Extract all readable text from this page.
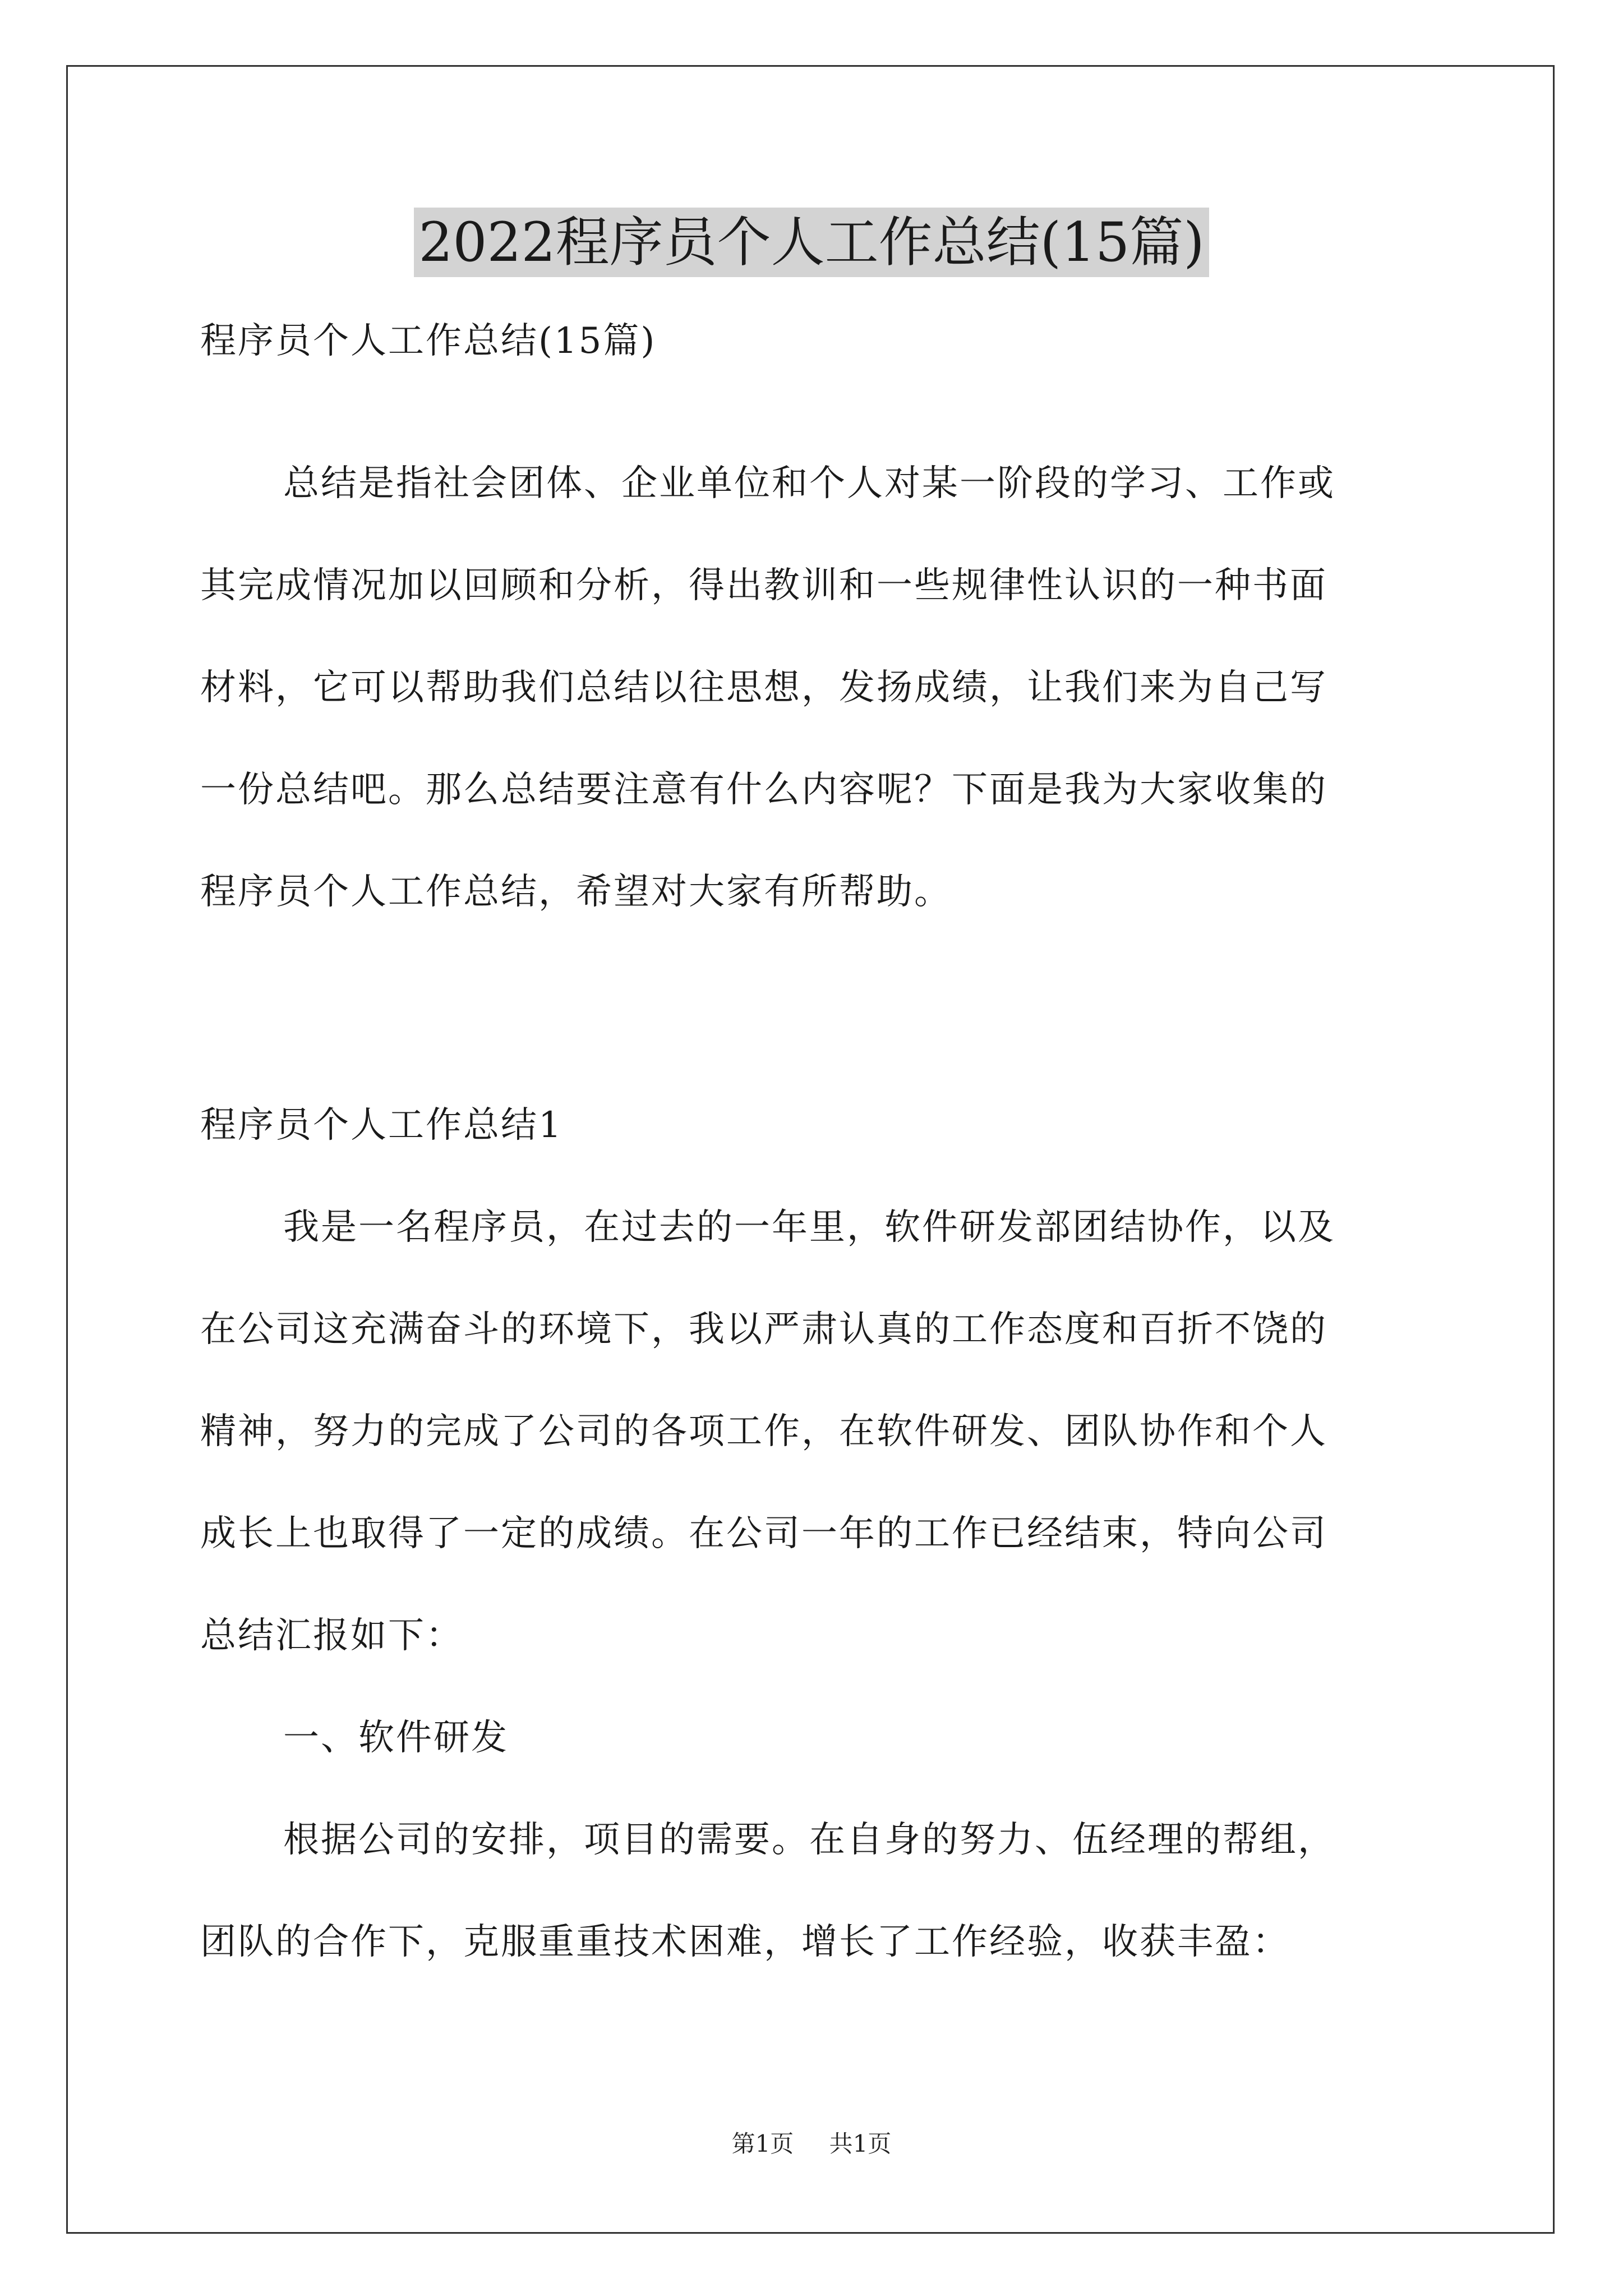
2022程序员个人工作总结(15篇)
程序员个人工作总结(15篇)
总结是指社会团体、企业单位和个人对某一阶段的学习、工作或
其完成情况加以回顾和分析，得出教训和一些规律性认识的一种书面
材料，它可以帮助我们总结以往思想，发扬成绩，让我们来为自己写
一份总结吧。那么总结要注意有什么内容呢？下面是我为大家收集的
程序员个人工作总结，希望对大家有所帮助。
程序员个人工作总结1
我是一名程序员，在过去的一年里，软件研发部团结协作，以及
在公司这充满奋斗的环境下，我以严肃认真的工作态度和百折不饶的
精神，努力的完成了公司的各项工作，在软件研发、团队协作和个人
成长上也取得了一定的成绩。在公司一年的工作已经结束，特向公司
总结汇报如下：
一、软件研发
根据公司的安排，项目的需要。在自身的努力、伍经理的帮组，
团队的合作下，克服重重技术困难，增长了工作经验，收获丰盈：
第1页 共1页
